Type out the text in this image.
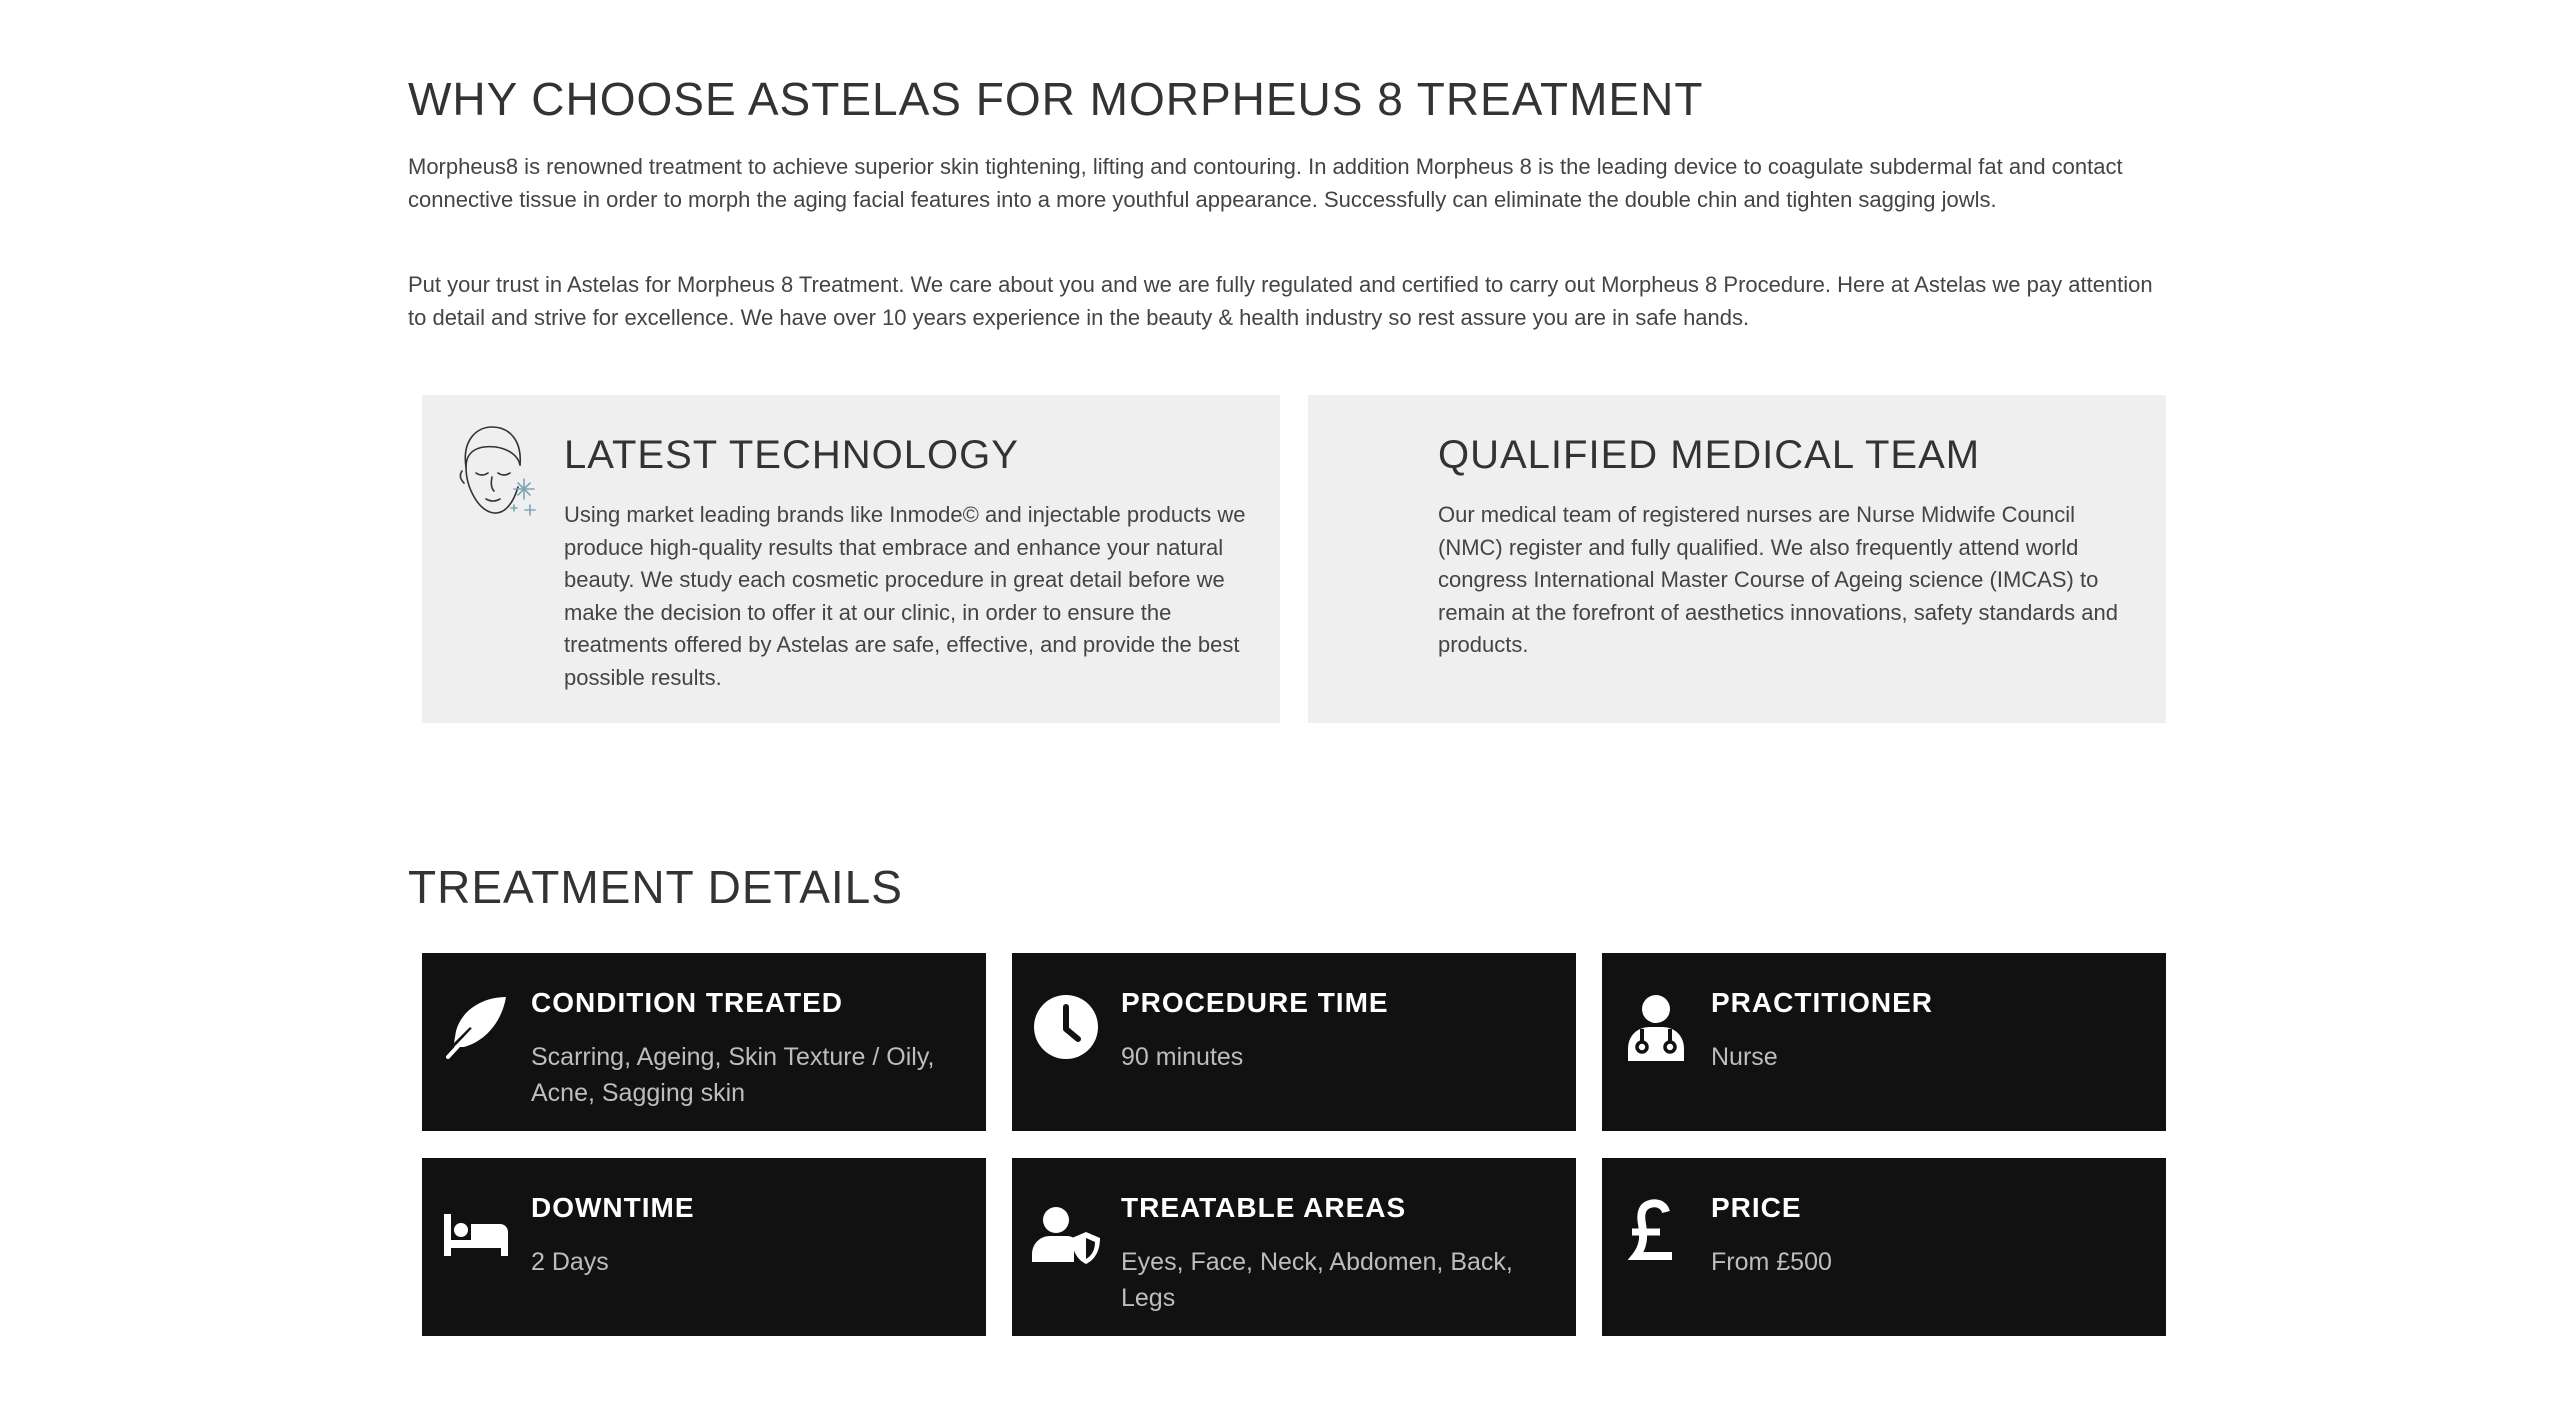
WHY CHOOSE ASTELAS FOR MORPHEUS 8 TREATMENT

Morpheus8 is renowned treatment to achieve superior skin tightening, lifting and contouring. In addition Morpheus 8 is the leading device to coagulate subdermal fat and contact connective tissue in order to morph the aging facial features into a more youthful appearance. Successfully can eliminate the double chin and tighten sagging jowls.

Put your trust in Astelas for Morpheus 8 Treatment. We care about you and we are fully regulated and certified to carry out Morpheus 8 Procedure. Here at Astelas we pay attention to detail and strive for excellence. We have over 10 years experience in the beauty & health industry so rest assure you are in safe hands.

LATEST TECHNOLOGY

Using market leading brands like Inmode© and injectable products we produce high-quality results that embrace and enhance your natural beauty. We study each cosmetic procedure in great detail before we make the decision to offer it at our clinic, in order to ensure the treatments offered by Astelas are safe, effective, and provide the best possible results.

QUALIFIED MEDICAL TEAM

Our medical team of registered nurses are Nurse Midwife Council (NMC) register and fully qualified. We also frequently attend world congress International Master Course of Ageing science (IMCAS) to remain at the forefront of aesthetics innovations, safety standards and products.

TREATMENT DETAILS

CONDITION TREATED

Scarring, Ageing, Skin Texture / Oily, Acne, Sagging skin

PROCEDURE TIME

90 minutes

PRACTITIONER

Nurse

DOWNTIME

2 Days

TREATABLE AREAS

Eyes, Face, Neck, Abdomen, Back, Legs

PRICE

From £500
